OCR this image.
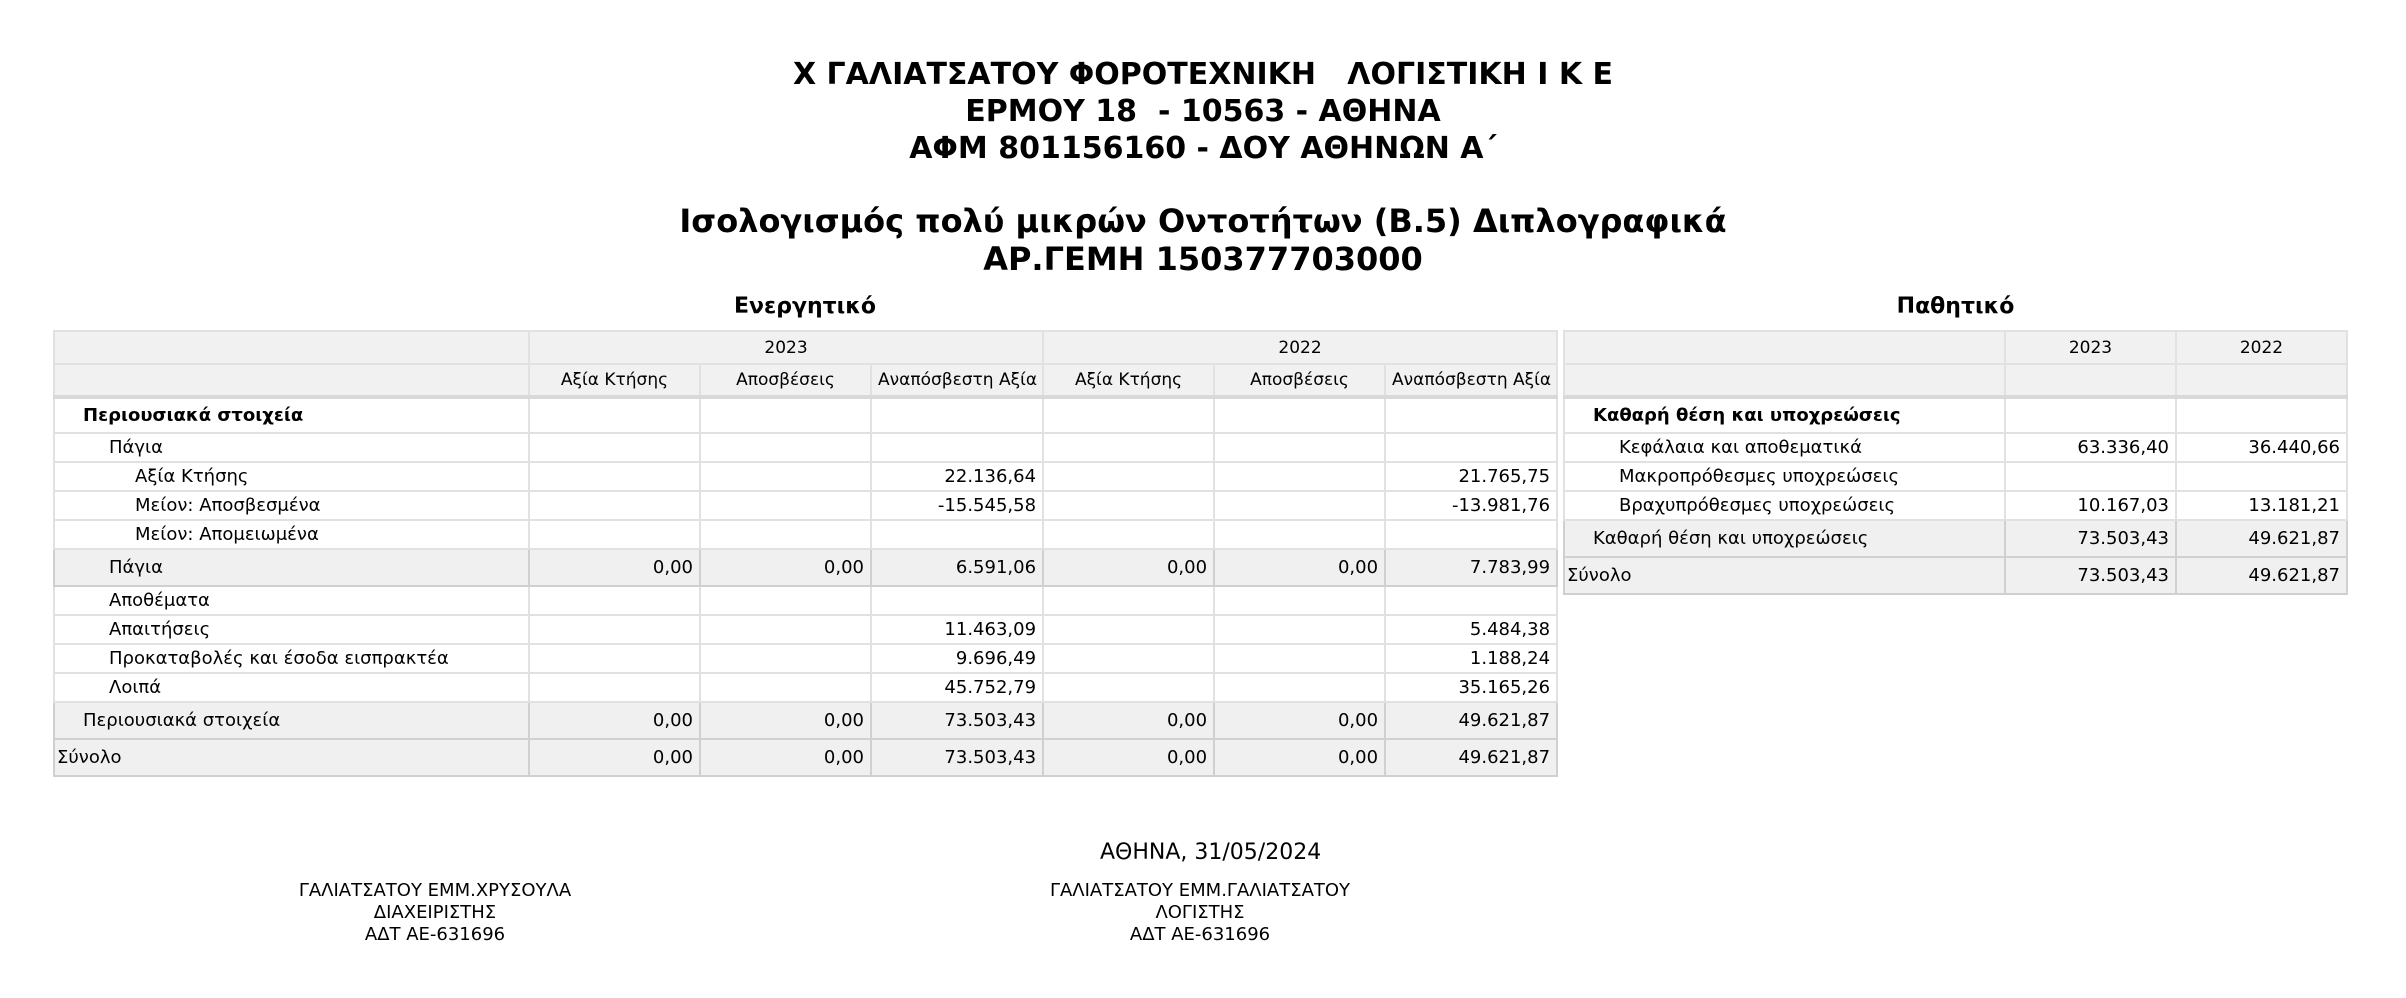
Χ ΓΑΛΙΑΤΣΑΤΟΥ ΦΟΡΟΤΕΧΝΙΚΗ   ΛΟΓΙΣΤΙΚΗ Ι Κ Ε
ΕΡΜΟΥ 18  - 10563 - ΑΘΗΝΑ
ΑΦΜ 801156160 - ΔΟΥ ΑΘΗΝΩΝ Α΄
Ισολογισμός πολύ μικρών Οντοτήτων (Β.5) Διπλογραφικά
ΑΡ.ΓΕΜΗ 150377703000
Ενεργητικό	Παθητικό
	2023			2022		
	Αξία Κτήσης	Αποσβέσεις	Αναπόσβεστη Αξία	Αξία Κτήσης	Αποσβέσεις	Αναπόσβεστη Αξία
Περιουσιακά στοιχεία						
Πάγια						
Αξία Κτήσης			22.136,64			21.765,75
Μείον: Αποσβεσμένα			-15.545,58			-13.981,76
Μείον: Απομειωμένα						
Πάγια	0,00	0,00	6.591,06	0,00	0,00	7.783,99
Αποθέματα						
Απαιτήσεις			11.463,09			5.484,38
Προκαταβολές και έσοδα εισπρακτέα			9.696,49			1.188,24
Λοιπά			45.752,79			35.165,26
Περιουσιακά στοιχεία	0,00	0,00	73.503,43	0,00	0,00	49.621,87
Σύνολο	0,00	0,00	73.503,43	0,00	0,00	49.621,87
	2023	2022

Καθαρή θέση και υποχρεώσεις		
Κεφάλαια και αποθεματικά	63.336,40	36.440,66
Μακροπρόθεσμες υποχρεώσεις		
Βραχυπρόθεσμες υποχρεώσεις	10.167,03	13.181,21
Καθαρή θέση και υποχρεώσεις	73.503,43	49.621,87
Σύνολο	73.503,43	49.621,87
ΑΘΗΝΑ, 31/05/2024
ΓΑΛΙΑΤΣΑΤΟΥ ΕΜΜ.ΧΡΥΣΟΥΛΑ
ΔΙΑΧΕΙΡΙΣΤΗΣ
ΑΔΤ ΑΕ-631696
ΓΑΛΙΑΤΣΑΤΟΥ ΕΜΜ.ΓΑΛΙΑΤΣΑΤΟΥ
ΛΟΓΙΣΤΗΣ
ΑΔΤ ΑΕ-631696
